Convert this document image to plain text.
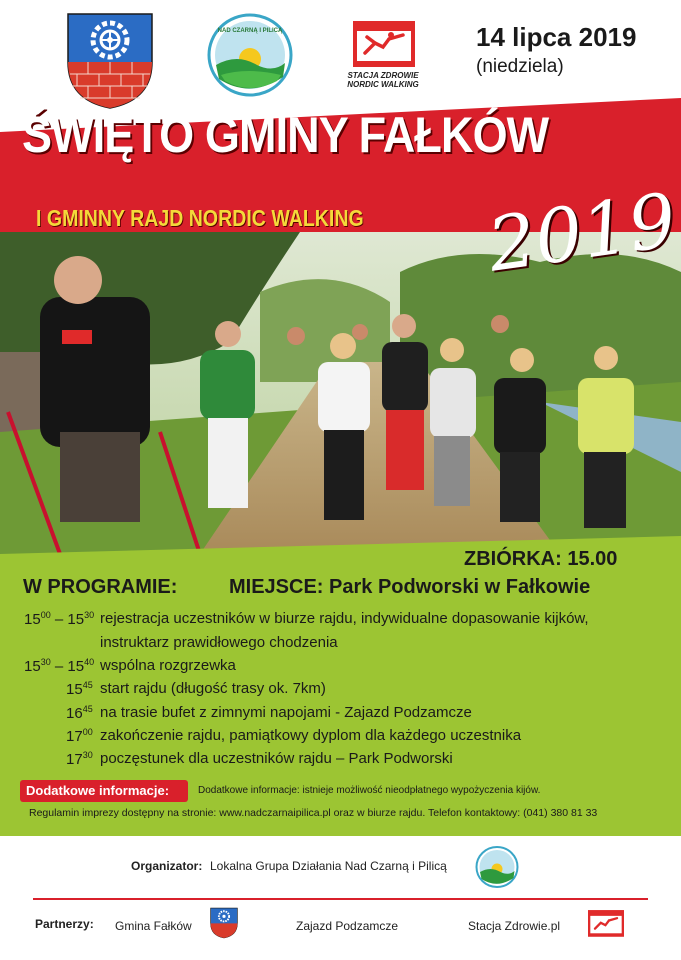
NAD CZARNĄ I PILICĄ
STACJA ZDROWIE
NORDIC WALKING
14 lipca 2019
(niedziela)
ŚWIĘTO GMINY FAŁKÓW
I GMINNY RAJD NORDIC WALKING 2019
ZBIÓRKA: 15.00
W PROGRAMIE:	MIEJSCE: Park Podworski w Fałkowie
$15^{00} - 15^{30}$ rejestracja uczestników w biurze rajdu, indywidualne dopasowanie kijków,
instruktarz prawidłowego chodzenia
$15^{30} - 15^{40}$ wspólna rozgrzewka
$15^{45}$ start rajdu (długość trasy ok. 7km)
$16^{45}$ na trasie bufet z zimnymi napojami - Zajazd Podzamcze
$17^{00}$ zakończenie rajdu, pamiątkowy dyplom dla każdego uczestnika
$17^{30}$ poczęstunek dla uczestników rajdu – Park Podworski
Dodatkowe informacje:	Dodatkowe informacje: istnieje możliwość nieodpłatnego wypożyczenia kijów.
Regulamin imprezy dostępny na stronie: www.nadczarnaipilica.pl oraz w biurze rajdu. Telefon kontaktowy: (041) 380 81 33
Organizator: Lokalna Grupa Działania Nad Czarną i Pilicą
Partnerzy: Gmina Fałków	Zajazd Podzamcze	Stacja Zdrowie.pl
